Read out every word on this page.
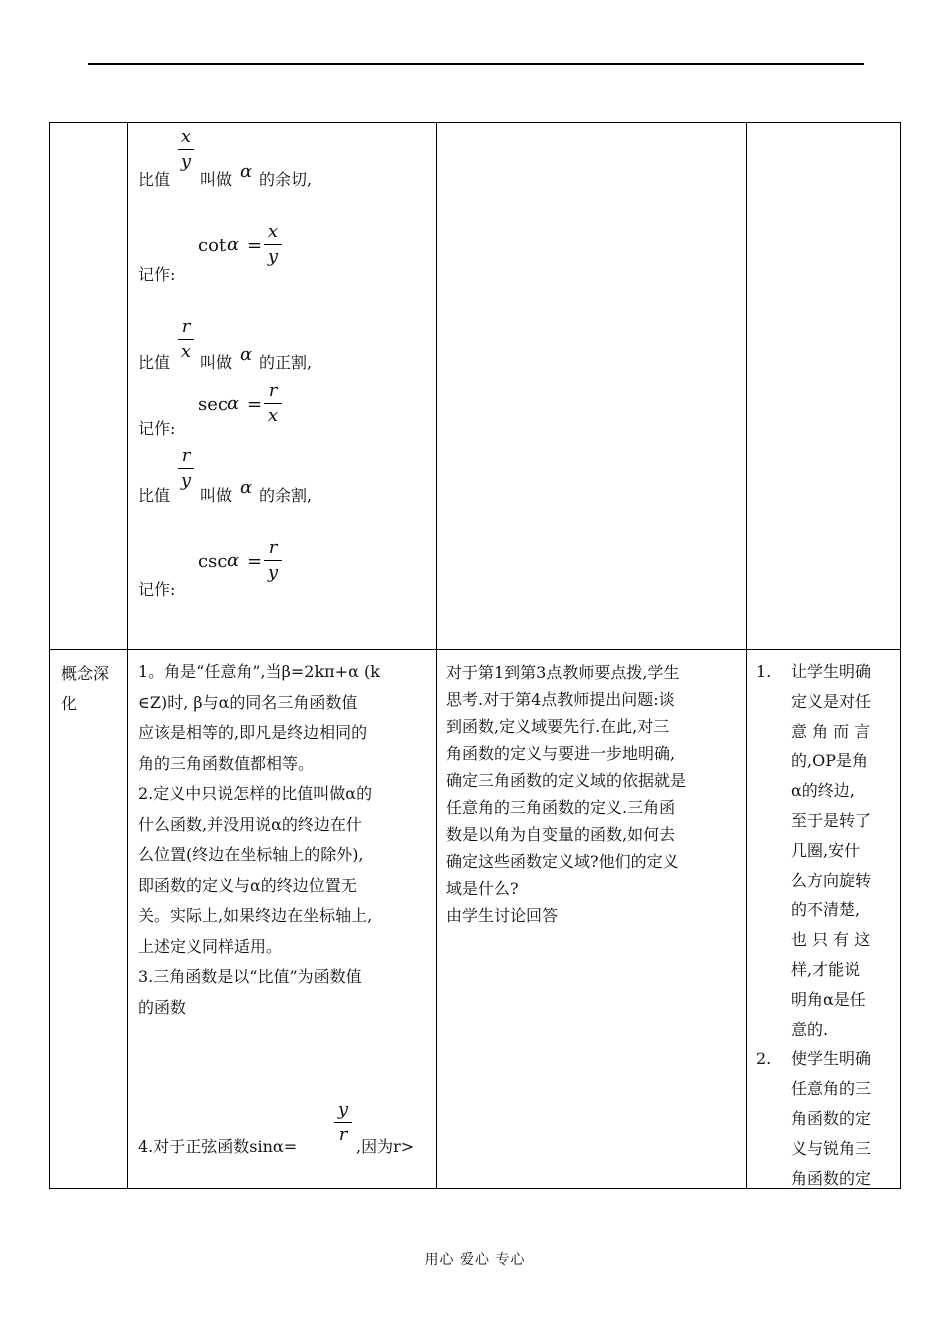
比值
x
y
叫做 α 的余切,
记作:
cot α =
x
y
比值
r
x
叫做 α 的正割,
记作:
sec α =
r
x
比值
r
y
叫做 α 的余割,
记作:
csc α =
r
y
概念深化

1。角是“任意角”,当β=2kπ+α (k

∈Z)时, β与α的同名三角函数值

应该是相等的,即凡是终边相同的

角的三角函数值都相等。

2.定义中只说怎样的比值叫做α的

什么函数,并没用说α的终边在什

么位置(终边在坐标轴上的除外),

即函数的定义与α的终边位置无

关。实际上,如果终边在坐标轴上,

上述定义同样适用。

3.三角函数是以“比值”为函数值

的函数

4.对于正弦函数sinα=
y
r
,因为r>
对于第1到第3点教师要点拨,学生
思考.对于第4点教师提出问题:谈
到函数,定义域要先行.在此,对三
角函数的定义与要进一步地明确,
确定三角函数的定义域的依据就是
任意角的三角函数的定义.三角函
数是以角为自变量的函数,如何去
确定这些函数定义域?他们的定义
域是什么?
由学生讨论回答
1. 让学生明确
定义是对任
意 角 而 言
的,OP是角
α的终边,
至于是转了
几圈,安什
么方向旋转
的不清楚,
也 只 有 这
样,才能说
明角α是任
意的.
2. 使学生明确
任意角的三
角函数的定
义与锐角三
角函数的定
用心 爱心 专心
